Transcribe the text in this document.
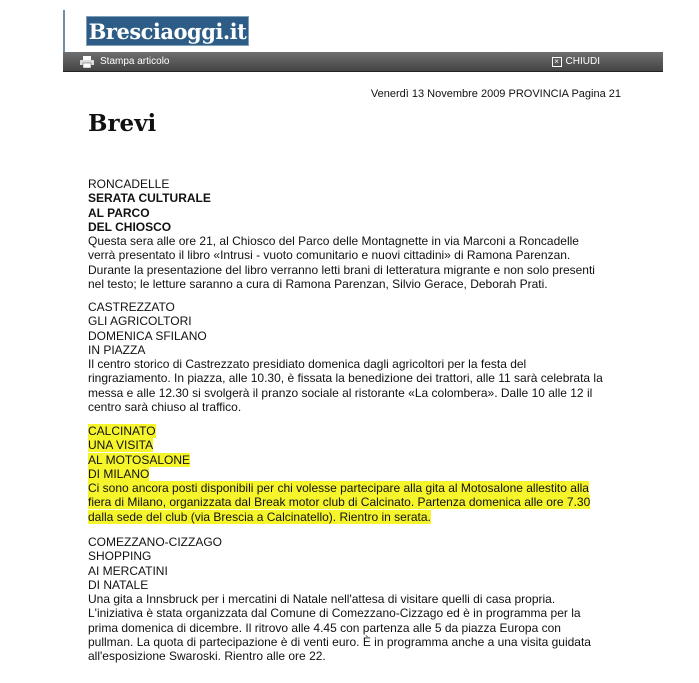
Bresciaoggi.it
Stampa articolo	× CHIUDI
Venerdì 13 Novembre 2009 PROVINCIA Pagina 21
Brevi
RONCADELLE
SERATA CULTURALE
AL PARCO
DEL CHIOSCO
Questa sera alle ore 21, al Chiosco del Parco delle Montagnette in via Marconi a Roncadelle
verrà presentato il libro «Intrusi - vuoto comunitario e nuovi cittadini» di Ramona Parenzan.
Durante la presentazione del libro verranno letti brani di letteratura migrante e non solo presenti
nel testo; le letture saranno a cura di Ramona Parenzan, Silvio Gerace, Deborah Prati.
CASTREZZATO
GLI AGRICOLTORI
DOMENICA SFILANO
IN PIAZZA
Il centro storico di Castrezzato presidiato domenica dagli agricoltori per la festa del
ringraziamento. In piazza, alle 10.30, è fissata la benedizione dei trattori, alle 11 sarà celebrata la
messa e alle 12.30 si svolgerà il pranzo sociale al ristorante «La colombera». Dalle 10 alle 12 il
centro sarà chiuso al traffico.
CALCINATO
UNA VISITA
AL MOTOSALONE
DI MILANO
Ci sono ancora posti disponibili per chi volesse partecipare alla gita al Motosalone allestito alla
fiera di Milano, organizzata dal Break motor club di Calcinato. Partenza domenica alle ore 7.30
dalla sede del club (via Brescia a Calcinatello). Rientro in serata.
COMEZZANO-CIZZAGO
SHOPPING
AI MERCATINI
DI NATALE
Una gita a Innsbruck per i mercatini di Natale nell'attesa di visitare quelli di casa propria.
L'iniziativa è stata organizzata dal Comune di Comezzano-Cizzago ed è in programma per la
prima domenica di dicembre. Il ritrovo alle 4.45 con partenza alle 5 da piazza Europa con
pullman. La quota di partecipazione è di venti euro. È in programma anche a una visita guidata
all'esposizione Swaroski. Rientro alle ore 22.
